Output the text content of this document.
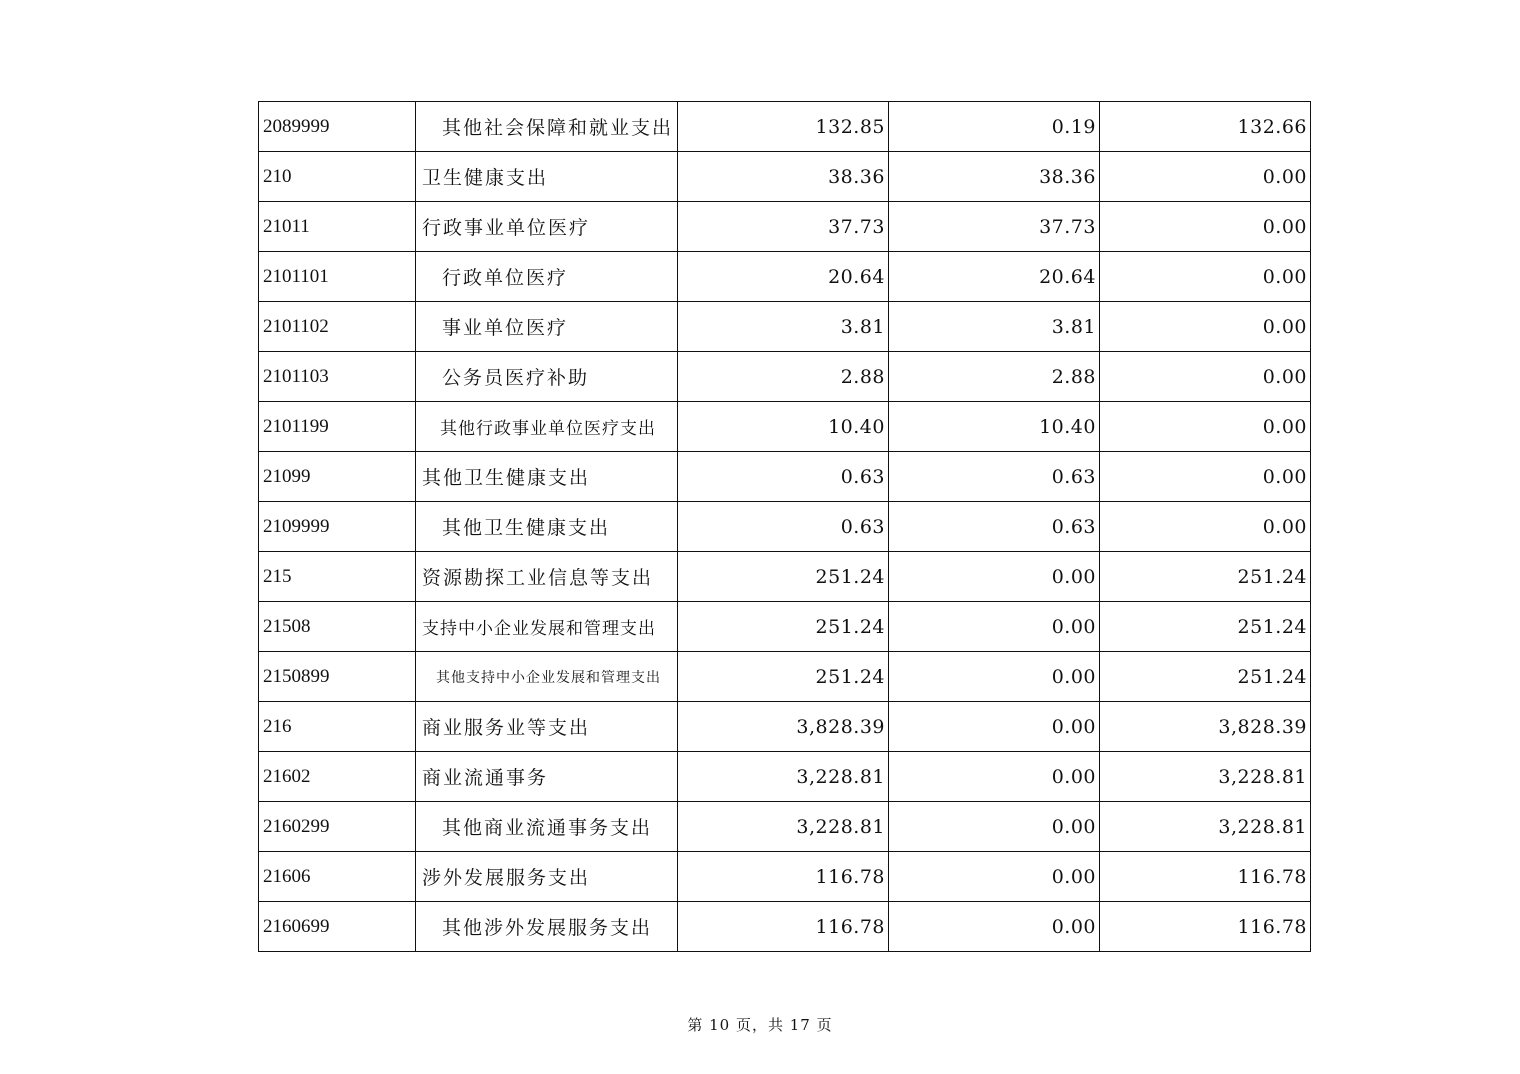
2089999	其他社会保障和就业支出	132.85	0.19	132.66
210	卫生健康支出	38.36	38.36	0.00
21011	行政事业单位医疗	37.73	37.73	0.00
2101101	行政单位医疗	20.64	20.64	0.00
2101102	事业单位医疗	3.81	3.81	0.00
2101103	公务员医疗补助	2.88	2.88	0.00
2101199	其他行政事业单位医疗支出	10.40	10.40	0.00
21099	其他卫生健康支出	0.63	0.63	0.00
2109999	其他卫生健康支出	0.63	0.63	0.00
215	资源勘探工业信息等支出	251.24	0.00	251.24
21508	支持中小企业发展和管理支出	251.24	0.00	251.24
2150899	其他支持中小企业发展和管理支出	251.24	0.00	251.24
216	商业服务业等支出	3,828.39	0.00	3,828.39
21602	商业流通事务	3,228.81	0.00	3,228.81
2160299	其他商业流通事务支出	3,228.81	0.00	3,228.81
21606	涉外发展服务支出	116.78	0.00	116.78
2160699	其他涉外发展服务支出	116.78	0.00	116.78
第 10 页，共 17 页
